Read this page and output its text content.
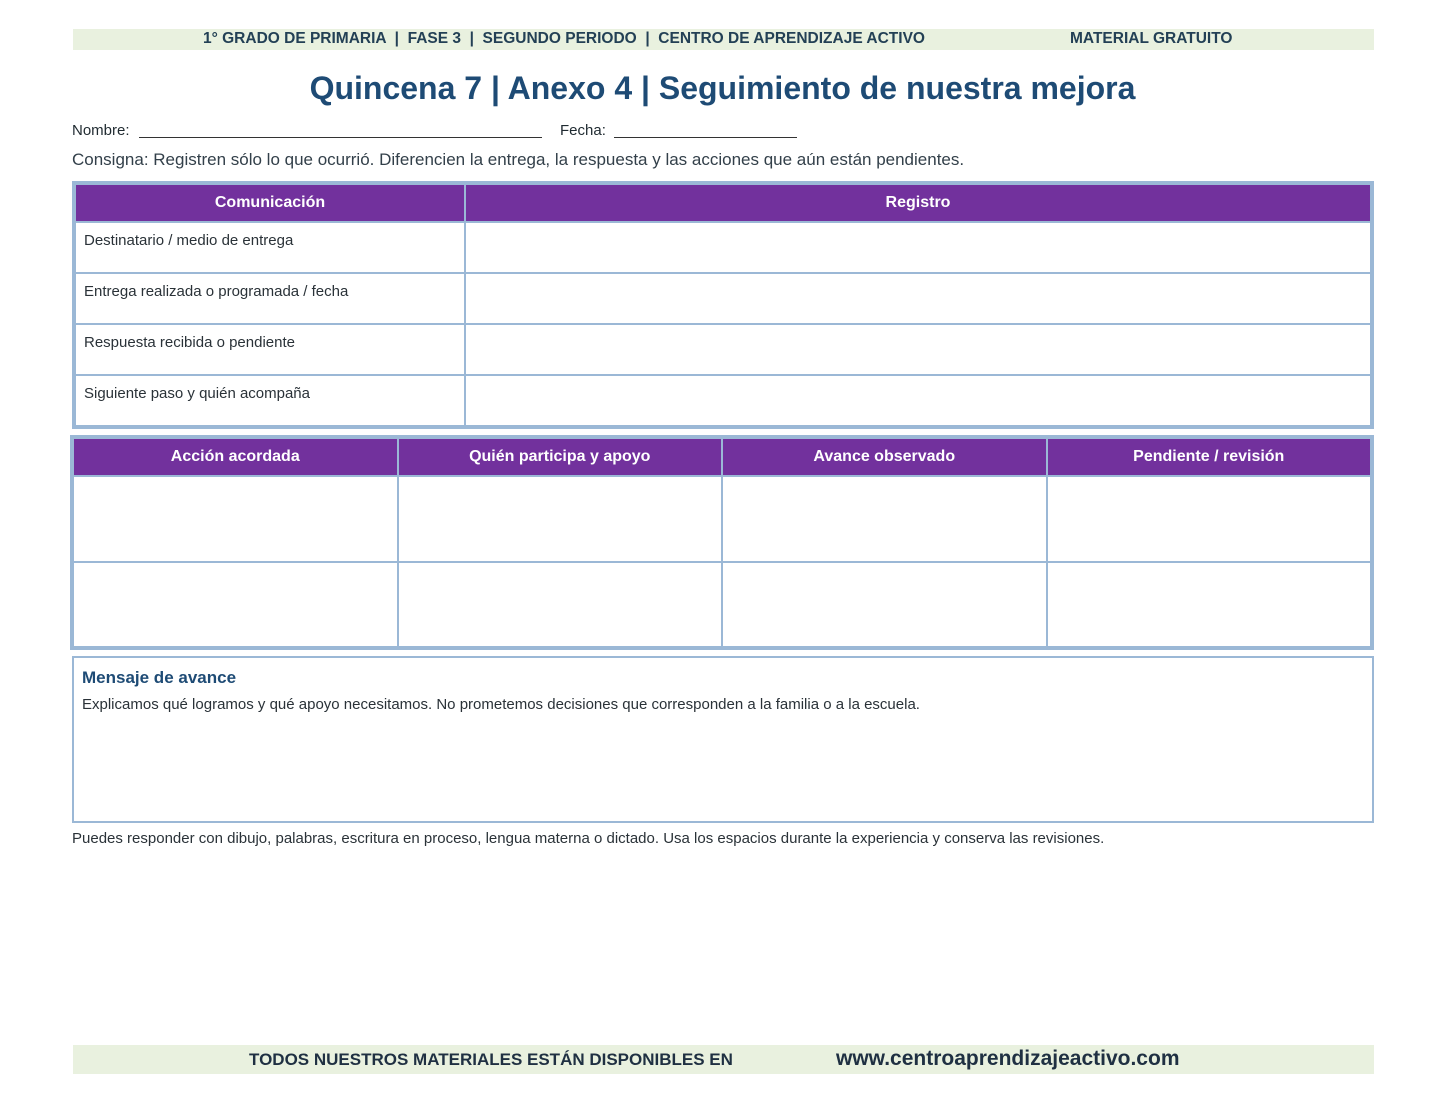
1° GRADO DE PRIMARIA  |  FASE 3  |  SEGUNDO PERIODO  |  CENTRO DE APRENDIZAJE ACTIVO	MATERIAL GRATUITO
Quincena 7 | Anexo 4 | Seguimiento de nuestra mejora
Nombre:	Fecha:
Consigna: Registren sólo lo que ocurrió. Diferencien la entrega, la respuesta y las acciones que aún están pendientes.
Comunicación	Registro
Destinatario / medio de entrega	
Entrega realizada o programada / fecha	
Respuesta recibida o pendiente	
Siguiente paso y quién acompaña	
Acción acordada	Quién participa y apoyo	Avance observado	Pendiente / revisión

Mensaje de avance
Explicamos qué logramos y qué apoyo necesitamos. No prometemos decisiones que corresponden a la familia o a la escuela.
Puedes responder con dibujo, palabras, escritura en proceso, lengua materna o dictado. Usa los espacios durante la experiencia y conserva las revisiones.
TODOS NUESTROS MATERIALES ESTÁN DISPONIBLES EN	www.centroaprendizajeactivo.com
